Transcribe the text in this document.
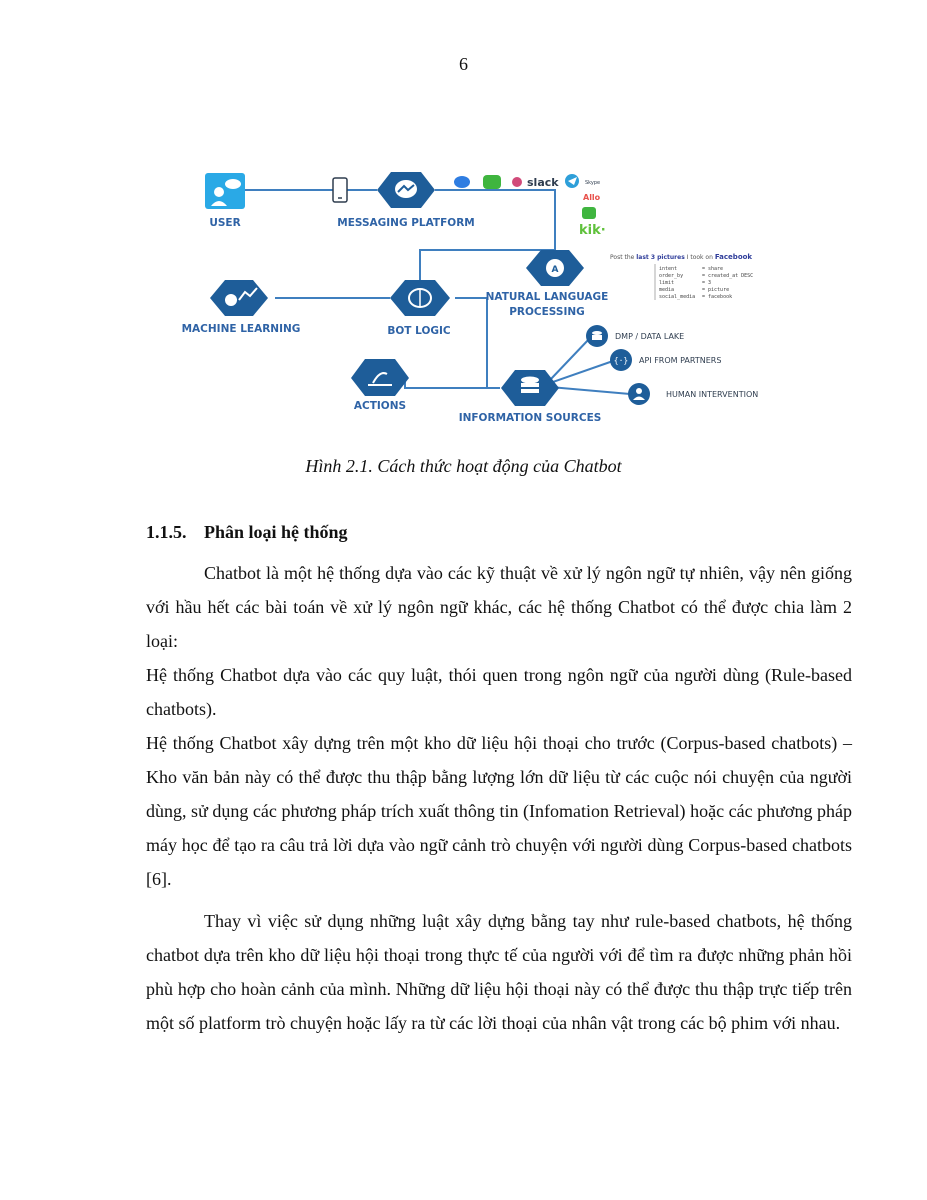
6
USER	MESSAGING PLATFORM
slack	Skype
Allo
kik·
A
NATURAL LANGUAGE
PROCESSING
Post the last 3 pictures I took on Facebook
intent	= share
order_by	= created_at DESC
limit	= 3
media	= picture
social_media = facebook
MACHINE LEARNING	BOT LOGIC
ACTIONS
INFORMATION SOURCES
DMP / DATA LAKE
{·} API FROM PARTNERS
HUMAN INTERVENTION
Hình 2.1. Cách thức hoạt động của Chatbot
1.1.5. Phân loại hệ thống

Chatbot là một hệ thống dựa vào các kỹ thuật về xử lý ngôn ngữ tự nhiên, vậy nên giống với hầu hết các bài toán về xử lý ngôn ngữ khác, các hệ thống Chatbot có thể được chia làm 2 loại:

Hệ thống Chatbot dựa vào các quy luật, thói quen trong ngôn ngữ của người dùng (Rule-based chatbots).

Hệ thống Chatbot xây dựng trên một kho dữ liệu hội thoại cho trước (Corpus-based chatbots) – Kho văn bản này có thể được thu thập bằng lượng lớn dữ liệu từ các cuộc nói chuyện của người dùng, sử dụng các phương pháp trích xuất thông tin (Infomation Retrieval) hoặc các phương pháp máy học để tạo ra câu trả lời dựa vào ngữ cảnh trò chuyện với người dùng Corpus-based chatbots [6].

Thay vì việc sử dụng những luật xây dựng bằng tay như rule-based chatbots, hệ thống chatbot dựa trên kho dữ liệu hội thoại trong thực tế của người với để tìm ra được những phản hồi phù hợp cho hoàn cảnh của mình. Những dữ liệu hội thoại này có thể được thu thập trực tiếp trên một số platform trò chuyện hoặc lấy ra từ các lời thoại của nhân vật trong các bộ phim với nhau.
